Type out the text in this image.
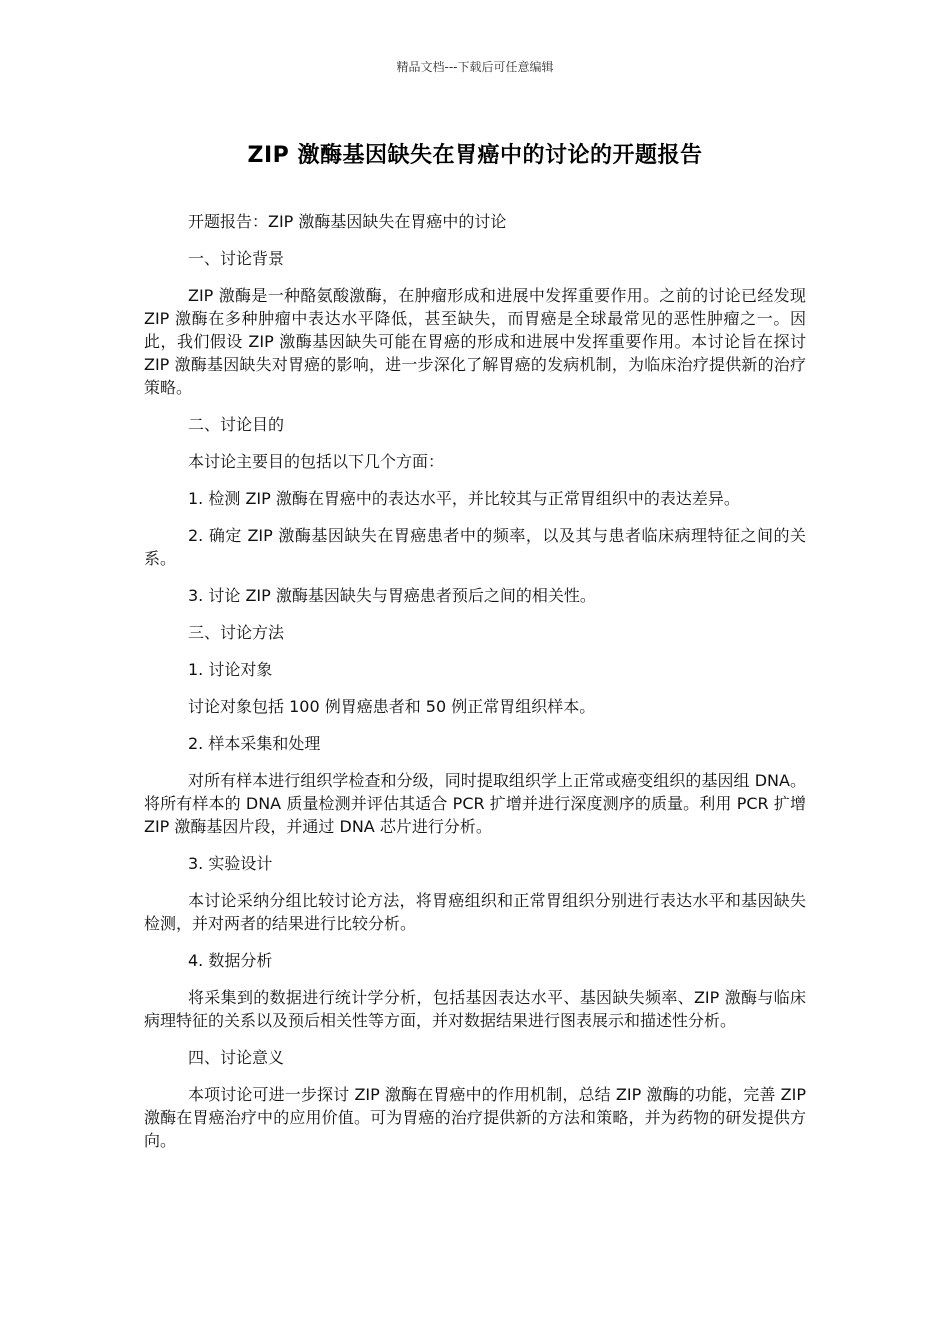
精品文档---下载后可任意编辑
ZIP 激酶基因缺失在胃癌中的讨论的开题报告

开题报告：ZIP 激酶基因缺失在胃癌中的讨论

一、讨论背景

ZIP 激酶是一种酪氨酸激酶，在肿瘤形成和进展中发挥重要作用。之前的讨论已经发现 ZIP 激酶在多种肿瘤中表达水平降低，甚至缺失，而胃癌是全球最常见的恶性肿瘤之一。因此，我们假设 ZIP 激酶基因缺失可能在胃癌的形成和进展中发挥重要作用。本讨论旨在探讨 ZIP 激酶基因缺失对胃癌的影响，进一步深化了解胃癌的发病机制，为临床治疗提供新的治疗策略。

二、讨论目的

本讨论主要目的包括以下几个方面：

1. 检测 ZIP 激酶在胃癌中的表达水平，并比较其与正常胃组织中的表达差异。

2. 确定 ZIP 激酶基因缺失在胃癌患者中的频率，以及其与患者临床病理特征之间的关系。

3. 讨论 ZIP 激酶基因缺失与胃癌患者预后之间的相关性。

三、讨论方法

1. 讨论对象

讨论对象包括 100 例胃癌患者和 50 例正常胃组织样本。

2. 样本采集和处理

对所有样本进行组织学检查和分级，同时提取组织学上正常或癌变组织的基因组 DNA。将所有样本的 DNA 质量检测并评估其适合 PCR 扩增并进行深度测序的质量。利用 PCR 扩增 ZIP 激酶基因片段，并通过 DNA 芯片进行分析。

3. 实验设计

本讨论采纳分组比较讨论方法，将胃癌组织和正常胃组织分别进行表达水平和基因缺失检测，并对两者的结果进行比较分析。

4. 数据分析

将采集到的数据进行统计学分析，包括基因表达水平、基因缺失频率、ZIP 激酶与临床病理特征的关系以及预后相关性等方面，并对数据结果进行图表展示和描述性分析。

四、讨论意义

本项讨论可进一步探讨 ZIP 激酶在胃癌中的作用机制，总结 ZIP 激酶的功能，完善 ZIP 激酶在胃癌治疗中的应用价值。可为胃癌的治疗提供新的方法和策略，并为药物的研发提供方向。
